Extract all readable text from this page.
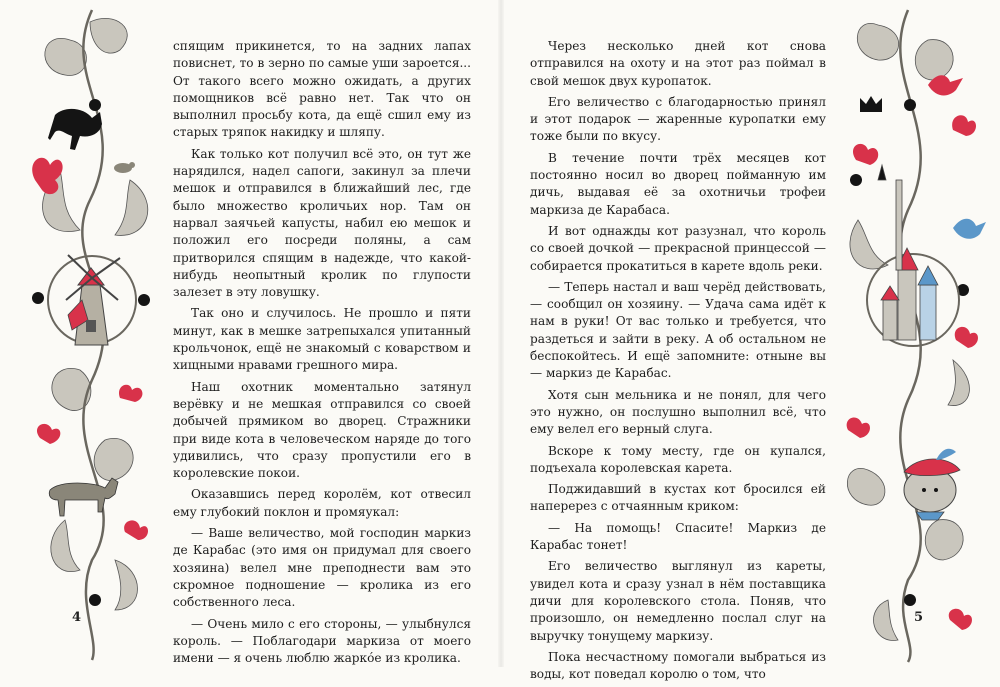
спящим прикинется, то на задних лапах повиснет, то в зерно по самые уши зароется... От такого всего можно ожидать, а других помощников всё равно нет. Так что он выполнил просьбу кота, да ещё сшил ему из старых тряпок накидку и шляпу.

Как только кот получил всё это, он тут же нарядился, надел сапоги, закинул за плечи мешок и отправился в ближайший лес, где было множество кроличьих нор. Там он нарвал заячьей капусты, набил ею мешок и положил его посреди поляны, а сам притворился спящим в надежде, что какой-нибудь неопытный кролик по глупости залезет в эту ловушку.

Так оно и случилось. Не прошло и пяти минут, как в мешке затрепыхался упитанный крольчонок, ещё не знакомый с коварством и хищными нравами грешного мира.

Наш охотник моментально затянул верёвку и не мешкая отправился со своей добычей прямиком во дворец. Стражники при виде кота в человеческом наряде до того удивились, что сразу пропустили его в королевские покои.

Оказавшись перед королём, кот отвесил ему глубокий поклон и промяукал:

— Ваше величество, мой господин маркиз де Карабас (это имя он придумал для своего хозяина) велел мне преподнести вам это скромное подношение — кролика из его собственного леса.

— Очень мило с его стороны, — улыбнулся король. — Поблагодари маркиза от моего имени — я очень люблю жаркóе из кролика.

Через несколько дней кот снова отправился на охоту и на этот раз поймал в свой мешок двух куропаток.

Его величество с благодарностью принял и этот подарок — жаренные куропатки ему тоже были по вкусу.

В течение почти трёх месяцев кот постоянно носил во дворец пойманную им дичь, выдавая её за охотничьи трофеи маркиза де Карабаса.

И вот однажды кот разузнал, что король со своей дочкой — прекрасной принцессой — собирается прокатиться в карете вдоль реки.

— Теперь настал и ваш черёд действовать, — сообщил он хозяину. — Удача сама идёт к нам в руки! От вас только и требуется, что раздеться и зайти в реку. А об остальном не беспокойтесь. И ещё запомните: отныне вы — маркиз де Карабас.

Хотя сын мельника и не понял, для чего это нужно, он послушно выполнил всё, что ему велел его верный слуга.

Вскоре к тому месту, где он купался, подъехала королевская карета.

Поджидавший в кустах кот бросился ей наперерез с отчаянным криком:

— На помощь! Спасите! Маркиз де Карабас тонет!

Его величество выглянул из кареты, увидел кота и сразу узнал в нём поставщика дичи для королевского стола. Поняв, что произошло, он немедленно послал слуг на выручку тонущему маркизу.

Пока несчастному помогали выбраться из воды, кот поведал королю о том, что

4	5
